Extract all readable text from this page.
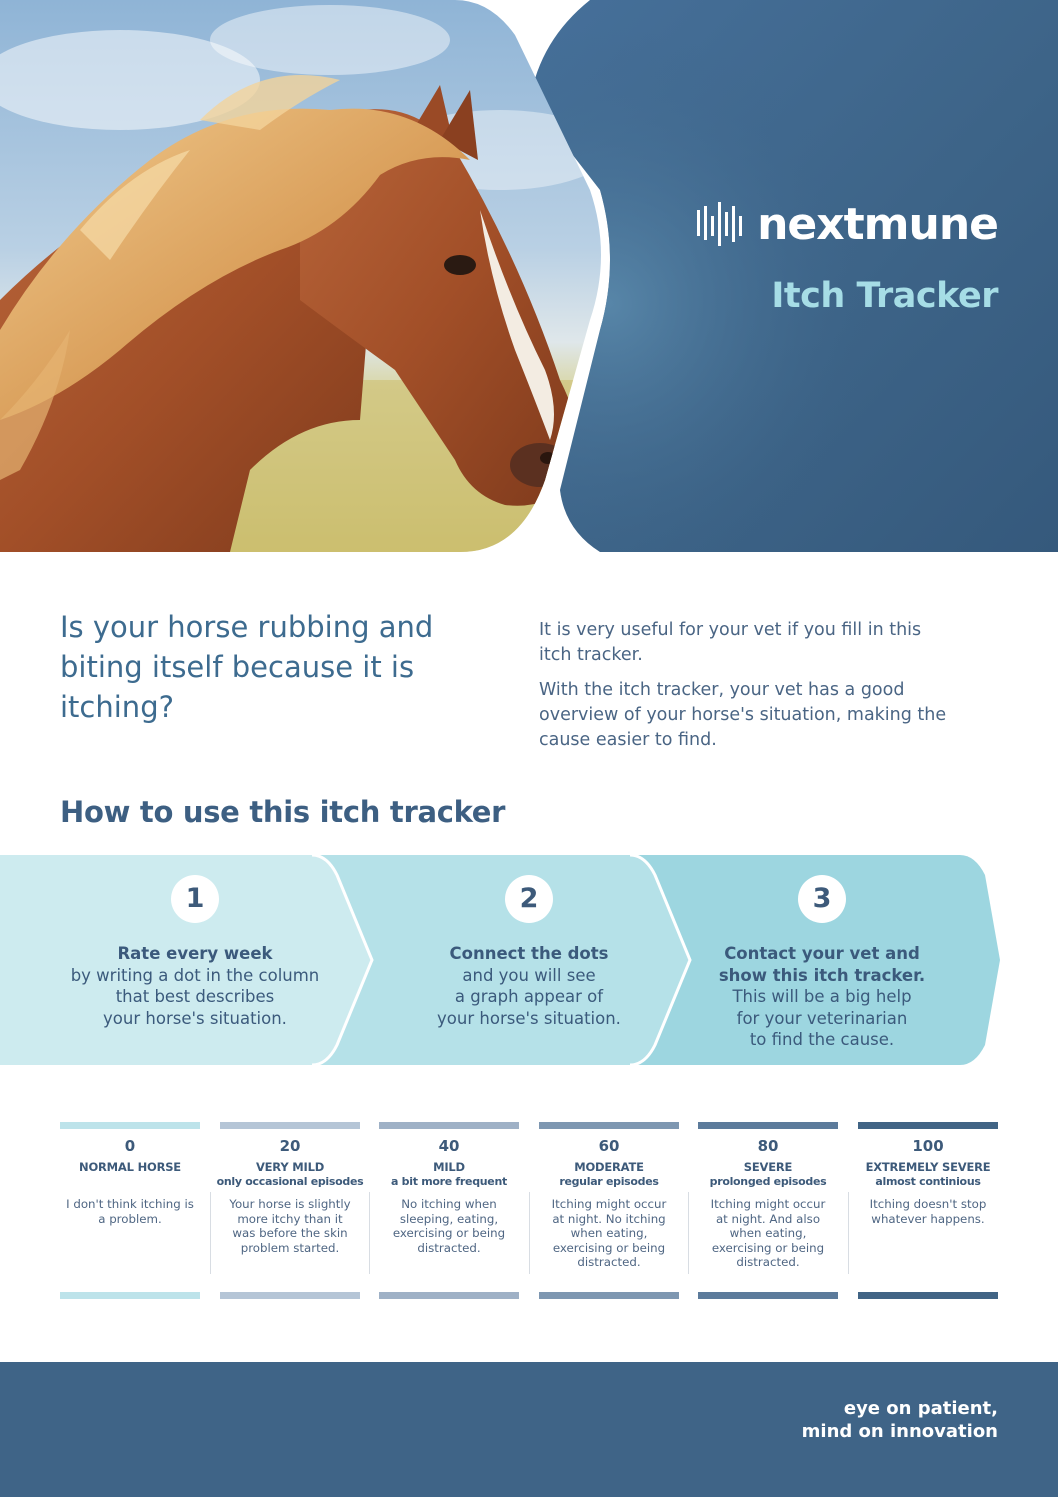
nextmune
Itch Tracker
Is your horse rubbing and biting itself because it is itching?

It is very useful for your vet if you fill in this itch tracker.

With the itch tracker, your vet has a good overview of your horse's situation, making the cause easier to find.

How to use this itch tracker
1
Rate every week
by writing a dot in the column
that best describes
your horse's situation.
2
Connect the dots
and you will see
a graph appear of
your horse's situation.
3
Contact your vet and
show this itch tracker.
This will be a big help
for your veterinarian
to find the cause.
0
NORMAL HORSE
I don't think itching is a problem.
20
VERY MILD
only occasional episodes
Your horse is slightly more itchy than it was before the skin problem started.
40
MILD
a bit more frequent
No itching when sleeping, eating, exercising or being distracted.
60
MODERATE
regular episodes
Itching might occur at night. No itching when eating, exercising or being distracted.
80
SEVERE
prolonged episodes
Itching might occur at night. And also when eating, exercising or being distracted.
100
EXTREMELY SEVERE
almost continious
Itching doesn't stop whatever happens.
eye on patient,
mind on innovation
